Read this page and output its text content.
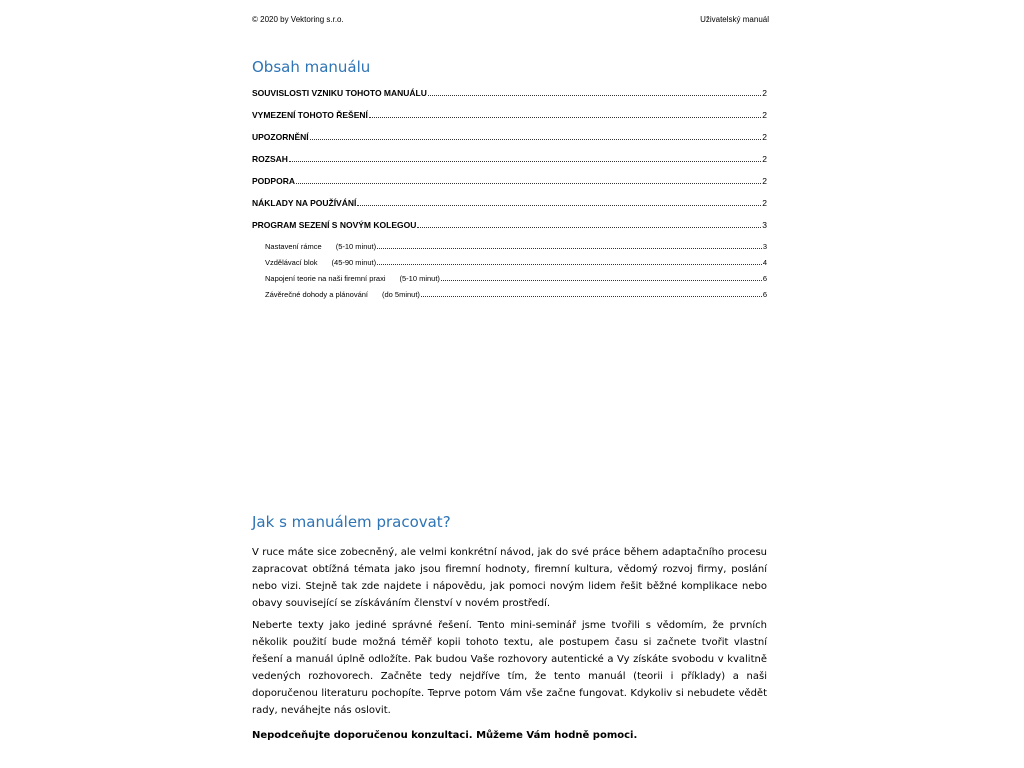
© 2020 by Vektoring s.r.o.	Uživatelský manuál
Obsah manuálu
SOUVISLOSTI VZNIKU TOHOTO MANUÁLU	2
VYMEZENÍ TOHOTO ŘEŠENÍ	2
UPOZORNĚNÍ	2
ROZSAH	2
PODPORA	2
NÁKLADY NA POUŽÍVÁNÍ	2
PROGRAM SEZENÍ S NOVÝM KOLEGOU	3
Nastavení rámce (5-10 minut)	3
Vzdělávací blok (45-90 minut)	4
Napojení teorie na naši firemní praxi (5-10 minut)	6
Závěrečné dohody a plánování (do 5minut)	6
Jak s manuálem pracovat?

V ruce máte sice zobecněný, ale velmi konkrétní návod, jak do své práce během adaptačního procesu zapracovat obtížná témata jako jsou firemní hodnoty, firemní kultura, vědomý rozvoj firmy, poslání nebo vizi. Stejně tak zde najdete i nápovědu, jak pomoci novým lidem řešit běžné komplikace nebo obavy související se získáváním členství v novém prostředí.

Neberte texty jako jediné správné řešení. Tento mini-seminář jsme tvořili s vědomím, že prvních několik použití bude možná téměř kopii tohoto textu, ale postupem času si začnete tvořit vlastní řešení a manuál úplně odložíte. Pak budou Vaše rozhovory autentické a Vy získáte svobodu v kvalitně vedených rozhovorech. Začněte tedy nejdříve tím, že tento manuál (teorii i příklady) a naši doporučenou literaturu pochopíte. Teprve potom Vám vše začne fungovat. Kdykoliv si nebudete vědět rady, neváhejte nás oslovit.

Nepodceňujte doporučenou konzultaci. Můžeme Vám hodně pomoci.
